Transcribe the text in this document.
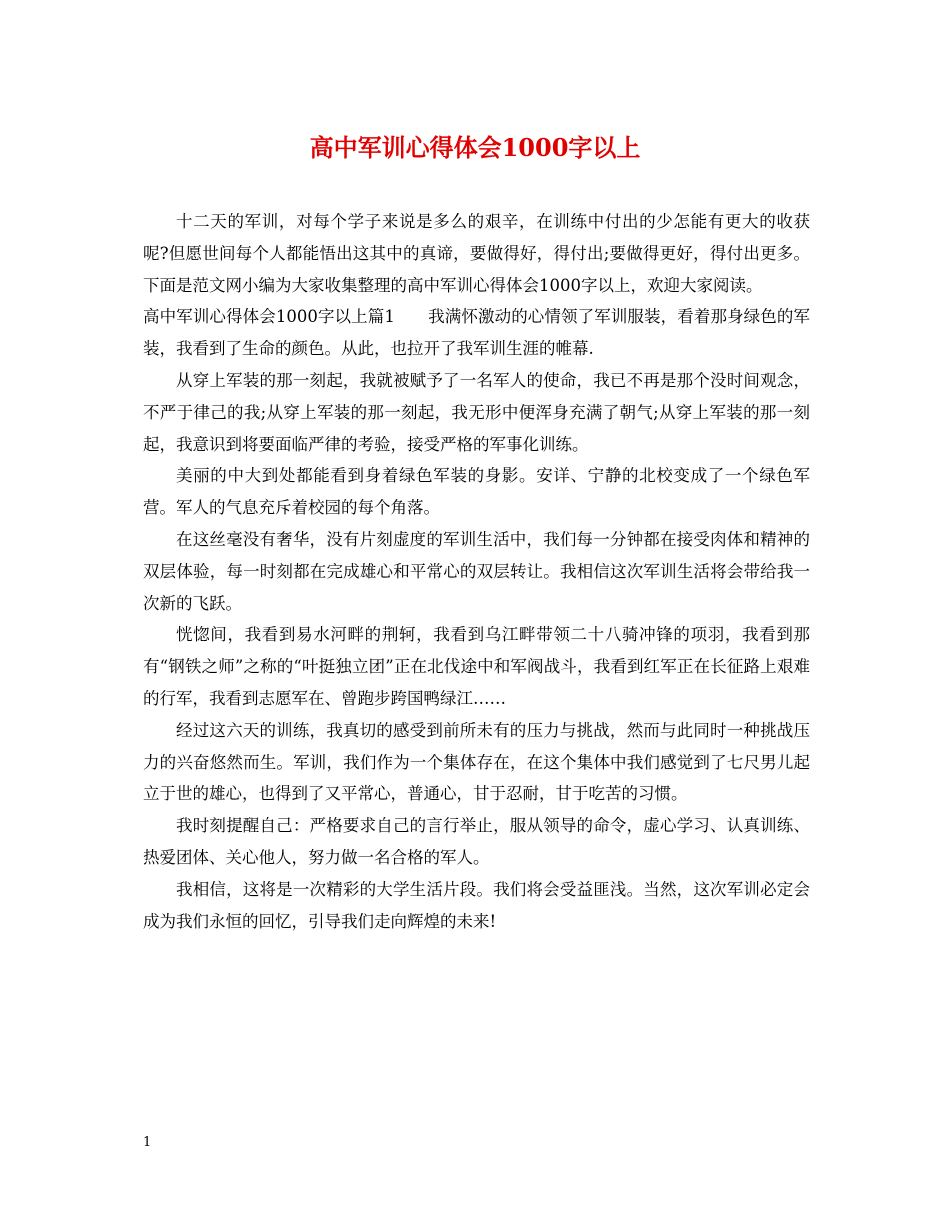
高中军训心得体会1000字以上

十二天的军训，对每个学子来说是多么的艰辛，在训练中付出的少怎能有更大的收获呢?但愿世间每个人都能悟出这其中的真谛，要做得好，得付出;要做得更好，得付出更多。下面是范文网小编为大家收集整理的高中军训心得体会1000字以上，欢迎大家阅读。

高中军训心得体会1000字以上篇1　　我满怀激动的心情领了军训服装，看着那身绿色的军装，我看到了生命的颜色。从此，也拉开了我军训生涯的帷幕.

从穿上军装的那一刻起，我就被赋予了一名军人的使命，我已不再是那个没时间观念，不严于律己的我;从穿上军装的那一刻起，我无形中便浑身充满了朝气;从穿上军装的那一刻起，我意识到将要面临严律的考验，接受严格的军事化训练。

美丽的中大到处都能看到身着绿色军装的身影。安详、宁静的北校变成了一个绿色军营。军人的气息充斥着校园的每个角落。

在这丝毫没有奢华，没有片刻虚度的军训生活中，我们每一分钟都在接受肉体和精神的双层体验，每一时刻都在完成雄心和平常心的双层转让。我相信这次军训生活将会带给我一次新的飞跃。

恍惚间，我看到易水河畔的荆轲，我看到乌江畔带领二十八骑冲锋的项羽，我看到那有“钢铁之师”之称的“叶挺独立团”正在北伐途中和军阀战斗，我看到红军正在长征路上艰难的行军，我看到志愿军在、曾跑步跨国鸭绿江……

经过这六天的训练，我真切的感受到前所未有的压力与挑战，然而与此同时一种挑战压力的兴奋悠然而生。军训，我们作为一个集体存在，在这个集体中我们感觉到了七尺男儿起立于世的雄心，也得到了又平常心，普通心，甘于忍耐，甘于吃苦的习惯。

我时刻提醒自己：严格要求自己的言行举止，服从领导的命令，虚心学习、认真训练、热爱团体、关心他人，努力做一名合格的军人。

我相信，这将是一次精彩的大学生活片段。我们将会受益匪浅。当然，这次军训必定会成为我们永恒的回忆，引导我们走向辉煌的未来!

1
